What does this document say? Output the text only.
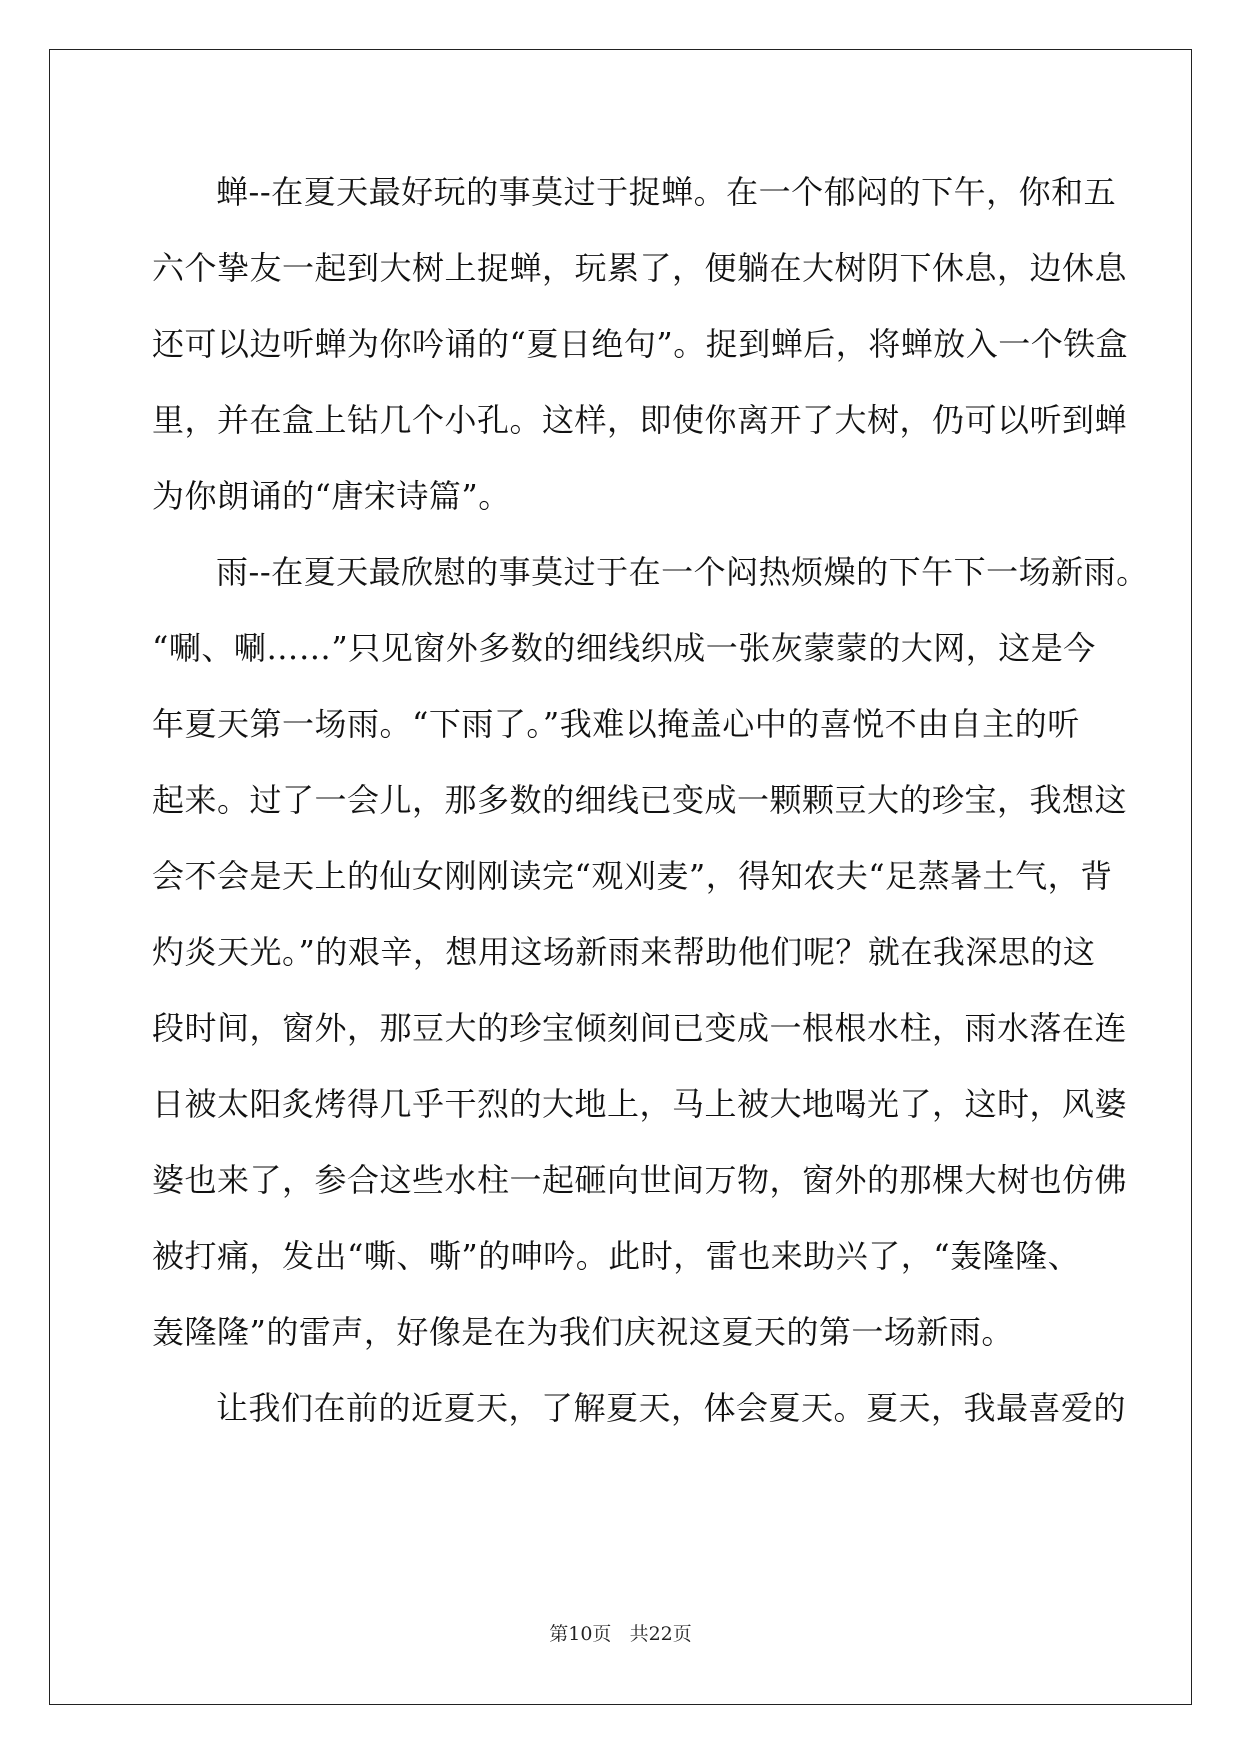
蝉--在夏天最好玩的事莫过于捉蝉。在一个郁闷的下午，你和五
六个挚友一起到大树上捉蝉，玩累了，便躺在大树阴下休息，边休息
还可以边听蝉为你吟诵的“夏日绝句”。捉到蝉后，将蝉放入一个铁盒
里，并在盒上钻几个小孔。这样，即使你离开了大树，仍可以听到蝉
为你朗诵的“唐宋诗篇”。
雨--在夏天最欣慰的事莫过于在一个闷热烦燥的下午下一场新雨。
“唰、唰……”只见窗外多数的细线织成一张灰蒙蒙的大网，这是今
年夏天第一场雨。“下雨了。”我难以掩盖心中的喜悦不由自主的听
起来。过了一会儿，那多数的细线已变成一颗颗豆大的珍宝，我想这
会不会是天上的仙女刚刚读完“观刈麦”，得知农夫“足蒸暑土气，背
灼炎天光。”的艰辛，想用这场新雨来帮助他们呢？就在我深思的这
段时间，窗外，那豆大的珍宝倾刻间已变成一根根水柱，雨水落在连
日被太阳炙烤得几乎干烈的大地上，马上被大地喝光了，这时，风婆
婆也来了，参合这些水柱一起砸向世间万物，窗外的那棵大树也仿佛
被打痛，发出“嘶、嘶”的呻吟。此时，雷也来助兴了，“轰隆隆、
轰隆隆”的雷声，好像是在为我们庆祝这夏天的第一场新雨。
让我们在前的近夏天，了解夏天，体会夏天。夏天，我最喜爱的
第10页 共22页
